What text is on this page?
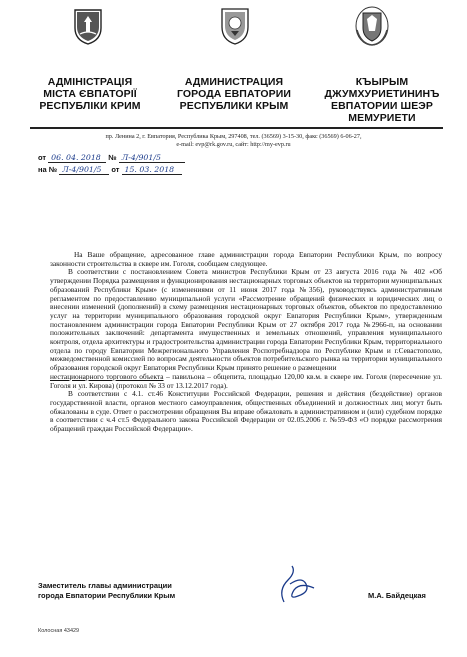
АДМІНІСТРАЦІЯ
МІСТА ЄВПАТОРІЇ
РЕСПУБЛІКИ КРИМ
АДМИНИСТРАЦИЯ
ГОРОДА ЕВПАТОРИИ
РЕСПУБЛИКИ КРЫМ
КЪЫРЫМ
ДЖУМХУРИЕТИНИНЪ
ЕВПАТОРИИ ШЕЭР
МЕМУРИЕТИ
пр. Ленина 2, г. Евпатория, Республика Крым, 297408, тел. (36569) 3-15-30, факс (36569) 6-06-27,
e-mail: evp@rk.gov.ru, сайт: http://my-evp.ru
от 06. 04. 2018 № Л-4/901/5
на № Л-4/901/5 от 15. 03. 2018

На Ваше обращение, адресованное главе администрации города Евпатории Республики Крым, по вопросу законности строительства в сквере им. Гоголя, сообщаем следующее.

В соответствии с постановлением Совета министров Республики Крым от 23 августа 2016 года № 402 «Об утверждении Порядка размещения и функционирования нестационарных торговых объектов на территории муниципальных образований Республики Крым» (с изменениями от 11 июня 2017 года №356), руководствуясь административным регламентом по предоставлению муниципальной услуги «Рассмотрение обращений физических и юридических лиц о внесении изменений (дополнений) в схему размещения нестационарных торговых объектов, объектов по предоставлению услуг на территории муниципального образования городской округ Евпатория Республики Крым», утвержденным постановлением администрации города Евпатории Республики Крым от 27 октября 2017 года №2966-п, на основании положительных заключений: департамента имущественных и земельных отношений, управления муниципального контроля, отдела архитектуры и градостроительства администрации города Евпатории Республики Крым, территориального отдела по городу Евпатории Межрегионального Управления Роспотребнадзора по Республике Крым и г.Севастополю, межведомственной комиссией по вопросам деятельности объектов потребительского рынка на территории муниципального образования городской округ Евпатория Республики Крым принято решение о размещении

нестационарного торгового объекта – павильона – общепита, площадью 120,00 кв.м. в сквере им. Гоголя (пересечение ул. Гоголя и ул. Кирова) (протокол № 33 от 13.12.2017 года).

В соответствии с 4.1. ст.46 Конституции Российской Федерации, решения и действия (бездействие) органов государственной власти, органов местного самоуправления, общественных объединений и должностных лиц могут быть обжалованы в суде. Ответ о рассмотрении обращения Вы вправе обжаловать в административном и (или) судебном порядке в соответствии с ч.4 ст.5 Федерального закона Российской Федерации от 02.05.2006 г. №59-ФЗ «О порядке рассмотрения обращений граждан Российской Федерации».

Заместитель главы администрации
города Евпатории Республики Крым	М.А. Байдецкая
Колосная 43429
